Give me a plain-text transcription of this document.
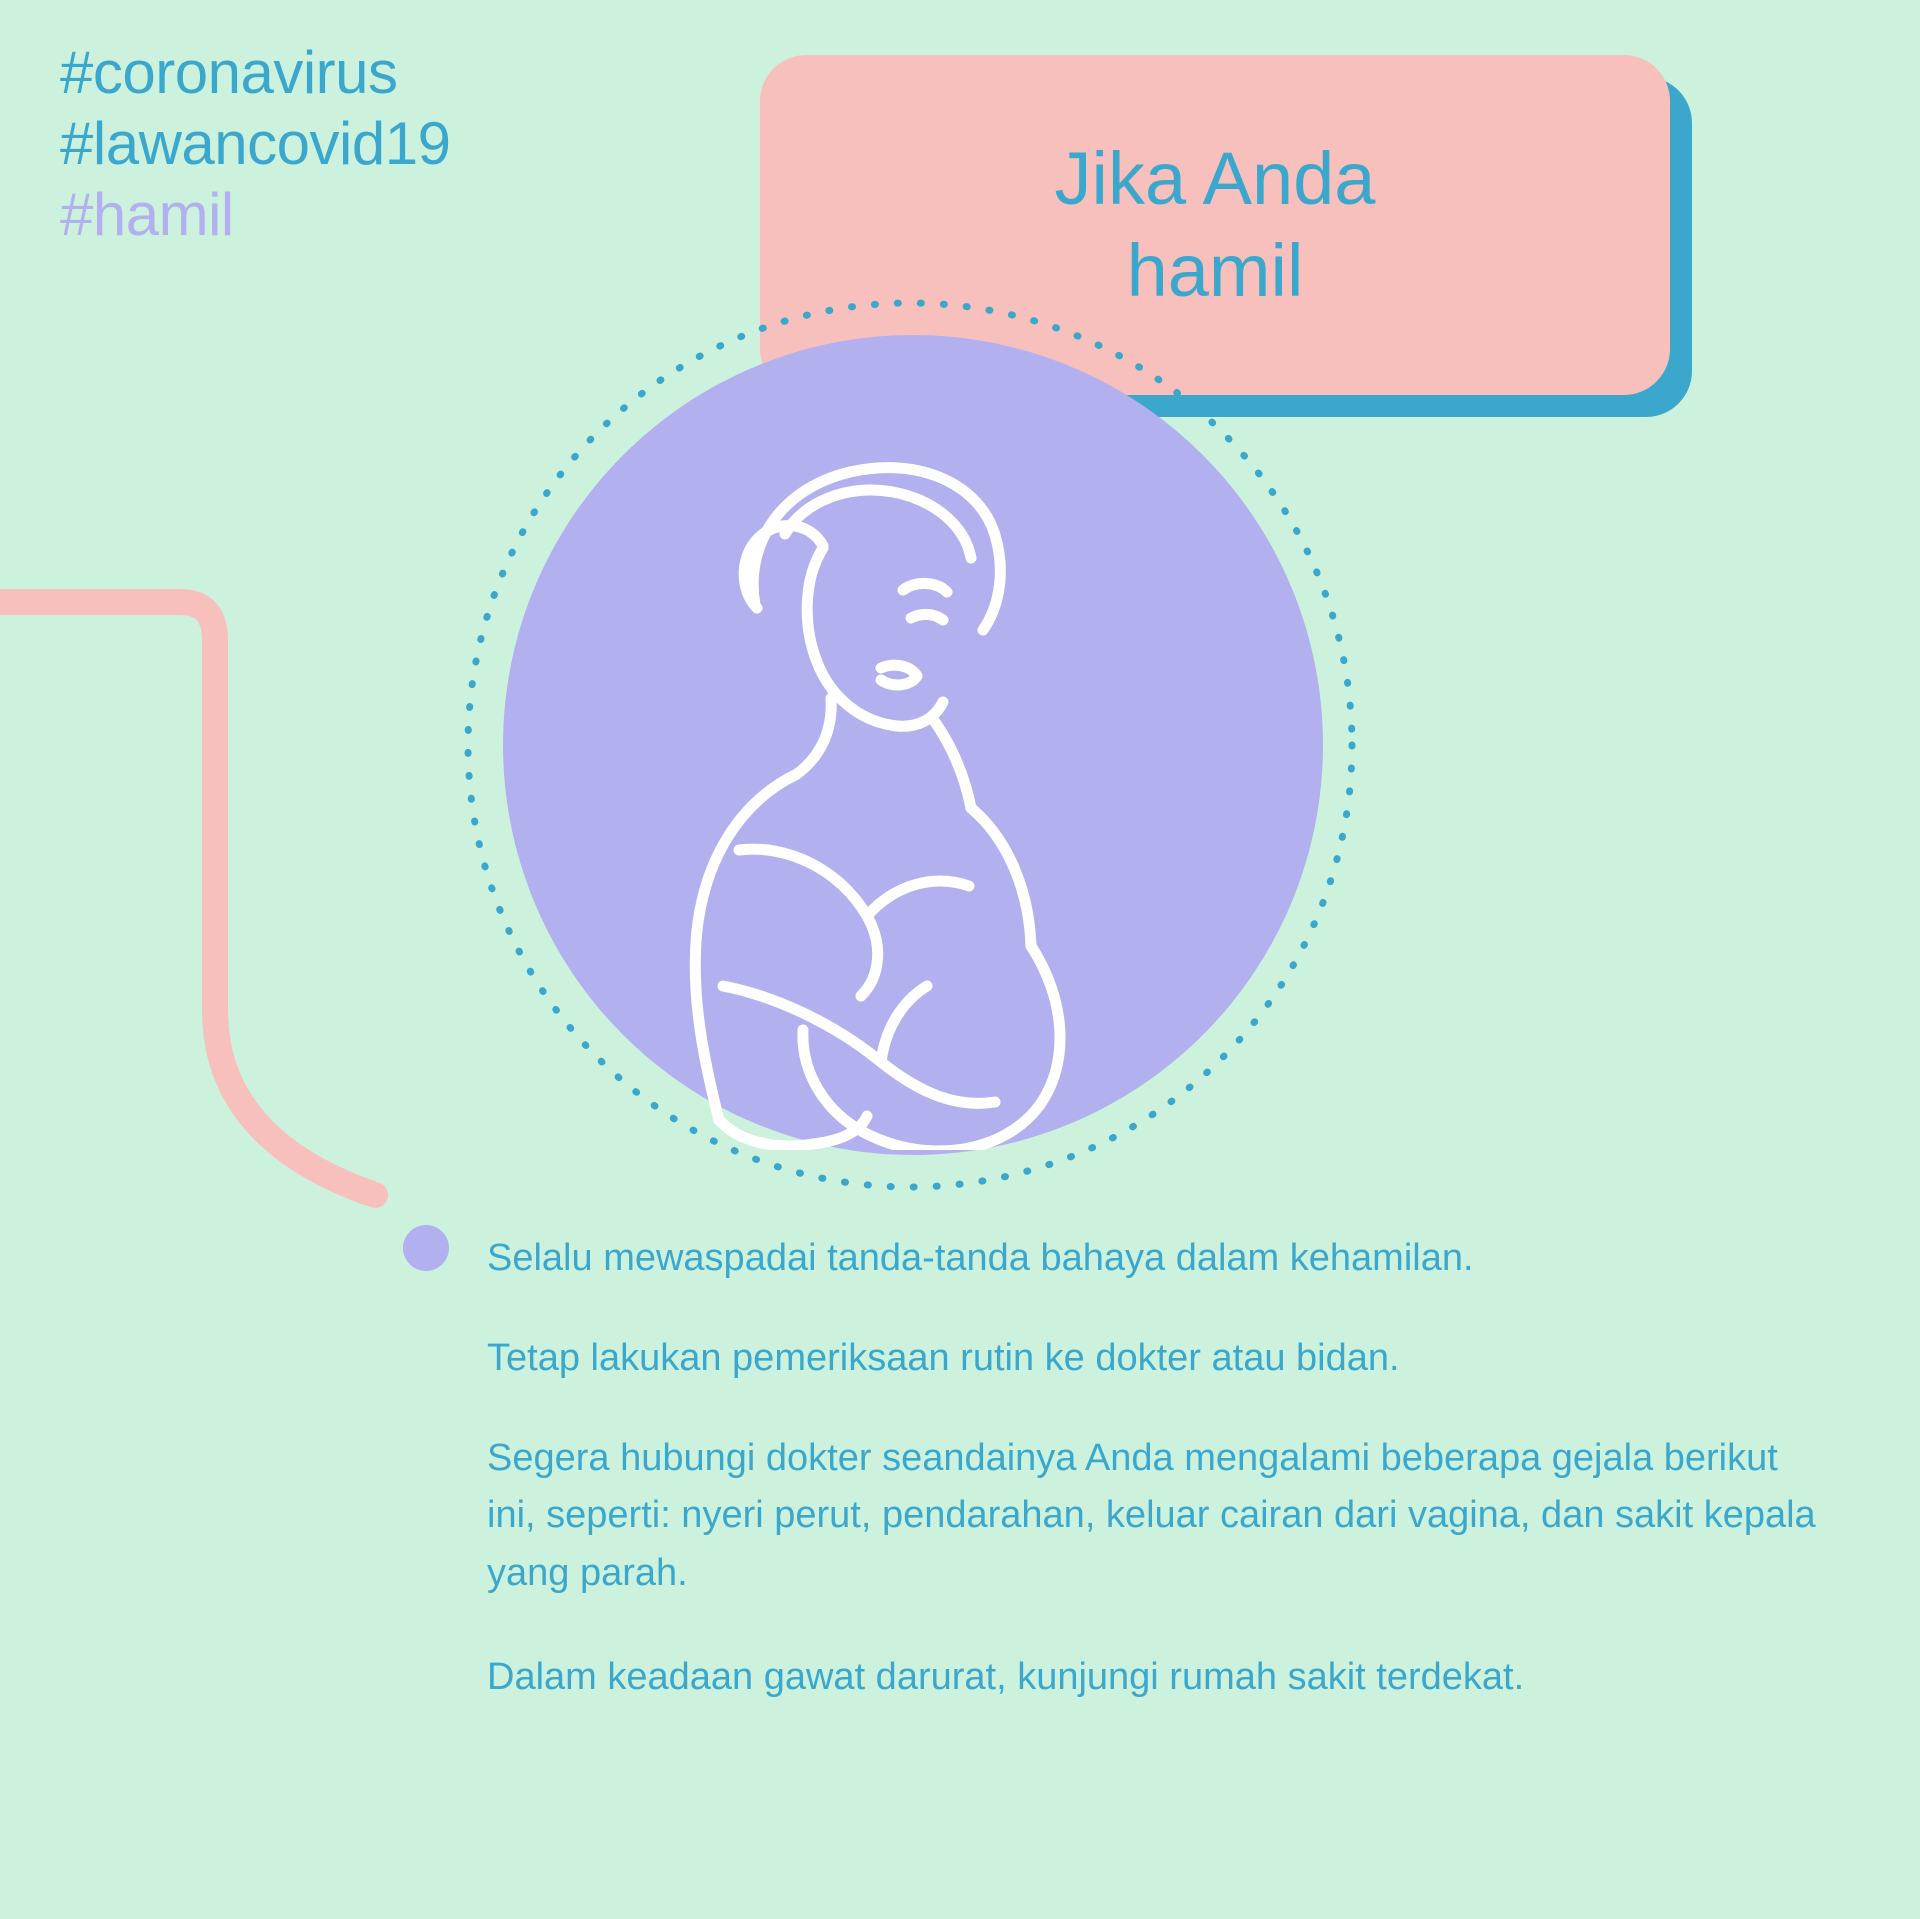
#coronavirus
#lawancovid19
#hamil	Jika Anda
hamil

Selalu mewaspadai tanda-tanda bahaya dalam kehamilan.

Tetap lakukan pemeriksaan rutin ke dokter atau bidan.

Segera hubungi dokter seandainya Anda mengalami beberapa gejala berikut ini, seperti: nyeri perut, pendarahan, keluar cairan dari vagina, dan sakit kepala yang parah.

Dalam keadaan gawat darurat, kunjungi rumah sakit terdekat.
